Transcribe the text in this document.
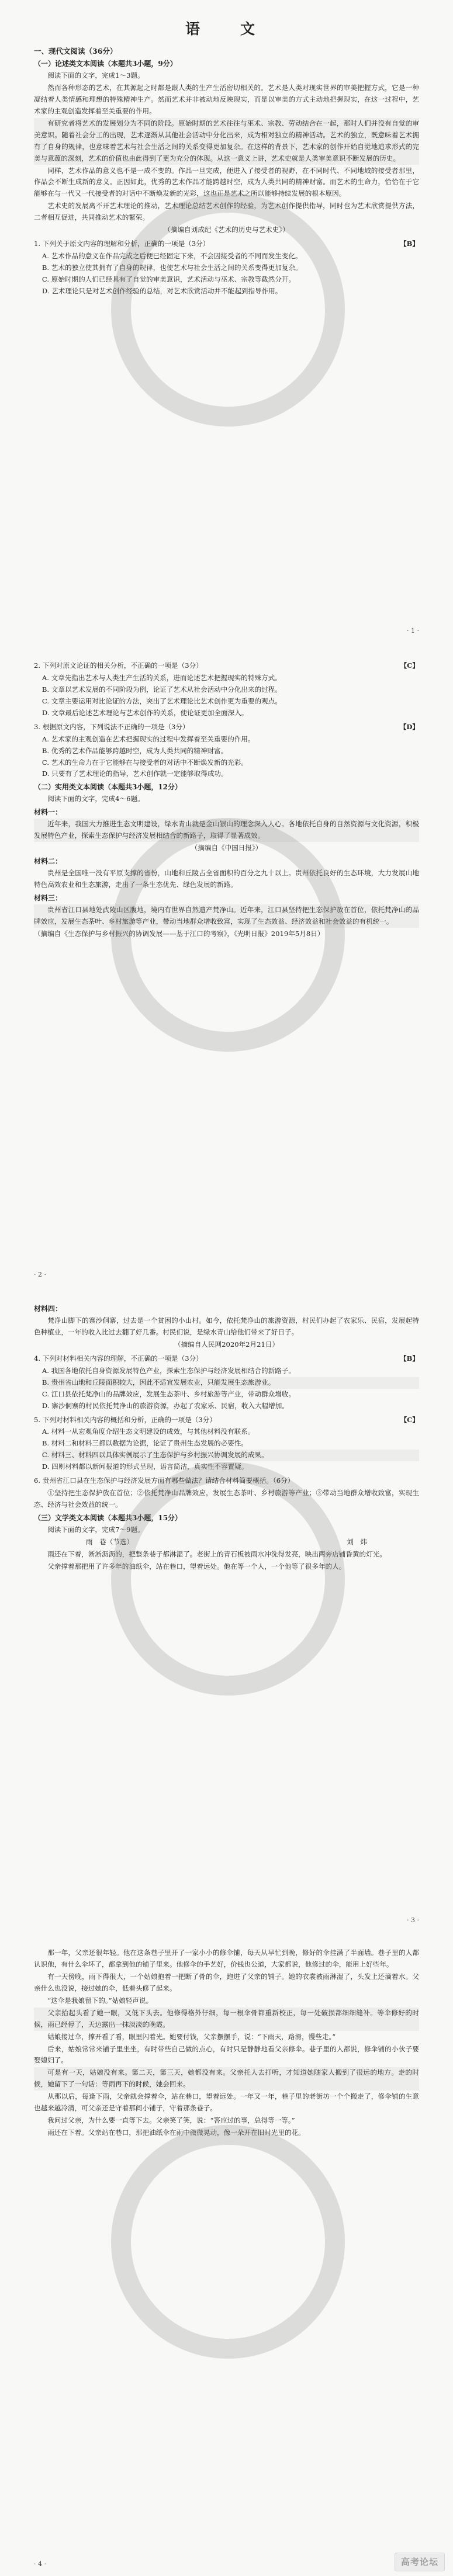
语　文
一、现代文阅读（36分）
（一）论述类文本阅读（本题共3小题，9分）
阅读下面的文字，完成1～3题。
然而各种形态的艺术，在其源起之时都是跟人类的生产生活密切相关的。艺术是人类对现实世界的审美把握方式，它是一种凝结着人类情感和理想的特殊精神生产。然而艺术并非被动地反映现实，而是以审美的方式主动地把握现实，在这一过程中，艺术家的主观创造发挥着至关重要的作用。
有研究者将艺术的发展划分为不同的阶段。原始时期的艺术往往与巫术、宗教、劳动结合在一起，那时人们并没有自觉的审美意识。随着社会分工的出现，艺术逐渐从其他社会活动中分化出来，成为相对独立的精神活动。艺术的独立，既意味着艺术拥有了自身的规律，也意味着艺术与社会生活之间的关系变得更加复杂。在这样的背景下，艺术家的创作开始自觉地追求形式的完美与意蕴的深刻，艺术的价值也由此得到了更为充分的体现。从这一意义上讲，艺术史就是人类审美意识不断发展的历史。
同样，艺术作品的意义也不是一成不变的。作品一旦完成，便进入了接受者的视野，在不同时代、不同地域的接受者那里，作品会不断生成新的意义。正因如此，优秀的艺术作品才能跨越时空，成为人类共同的精神财富。而艺术的生命力，恰恰在于它能够在与一代又一代接受者的对话中不断焕发新的光彩，这也正是艺术之所以能够持续发展的根本原因。
艺术史的发展离不开艺术理论的推动，艺术理论总结艺术创作的经验，为艺术创作提供指导，同时也为艺术欣赏提供方法，二者相互促进，共同推动艺术的繁荣。
（摘编自刘成纪《艺术的历史与艺术史》）
1. 下列关于原文内容的理解和分析，正确的一项是（3分）	【B】
A. 艺术作品的意义在作品完成之后便已经固定下来，不会因接受者的不同而发生变化。
B. 艺术的独立使其拥有了自身的规律，也使艺术与社会生活之间的关系变得更加复杂。
C. 原始时期的人们已经具有了自觉的审美意识，艺术活动与巫术、宗教等截然分开。
D. 艺术理论只是对艺术创作经验的总结，对艺术欣赏活动并不能起到指导作用。
· 1 ·
2. 下列对原文论证的相关分析，不正确的一项是（3分）	【C】
A. 文章先指出艺术与人类生产生活的关系，进而论述艺术把握现实的特殊方式。
B. 文章以艺术发展的不同阶段为例，论证了艺术从社会活动中分化出来的过程。
C. 文章主要运用对比论证的方法，突出了艺术理论比艺术创作更为重要的观点。
D. 文章最后论述艺术理论与艺术创作的关系，使论证更加全面深入。
3. 根据原文内容，下列说法不正确的一项是（3分）	【D】
A. 艺术家的主观创造在艺术把握现实的过程中发挥着至关重要的作用。
B. 优秀的艺术作品能够跨越时空，成为人类共同的精神财富。
C. 艺术的生命力在于它能够在与接受者的对话中不断焕发新的光彩。
D. 只要有了艺术理论的指导，艺术创作就一定能够取得成功。
（二）实用类文本阅读（本题共3小题，12分）
阅读下面的文字，完成4～6题。
材料一：
近年来，我国大力推进生态文明建设，绿水青山就是金山银山的理念深入人心。各地依托自身的自然资源与文化资源，积极发展特色产业，探索生态保护与经济发展相结合的新路子，取得了显著成效。
（摘编自《中国日报》）
材料二：
贵州是全国唯一没有平原支撑的省份，山地和丘陵占全省面积的百分之九十以上。贵州依托良好的生态环境，大力发展山地特色高效农业和生态旅游，走出了一条生态优先、绿色发展的新路。
材料三：
贵州省江口县地处武陵山区腹地，境内有世界自然遗产梵净山。近年来，江口县坚持把生态保护放在首位，依托梵净山的品牌效应，发展生态茶叶、乡村旅游等产业，带动当地群众增收致富，实现了生态效益、经济效益和社会效益的有机统一。
（摘编自《生态保护与乡村振兴的协调发展——基于江口的考察》，《光明日报》2019年5月8日）
· 2 ·
材料四：
梵净山脚下的寨沙侗寨，过去是一个贫困的小山村。如今，依托梵净山的旅游资源，村民们办起了农家乐、民宿，发展起特色种植业，一年的收入比过去翻了好几番。村民们说，是绿水青山给他们带来了好日子。
（摘编自人民网2020年2月21日）
4. 下列对材料相关内容的理解，不正确的一项是（3分）	【B】
A. 我国各地依托自身资源发展特色产业，探索生态保护与经济发展相结合的新路子。
B. 贵州省山地和丘陵面积较大，因此不适宜发展农业，只能发展生态旅游业。
C. 江口县依托梵净山的品牌效应，发展生态茶叶、乡村旅游等产业，带动群众增收。
D. 寨沙侗寨的村民依托梵净山的旅游资源，办起了农家乐、民宿，收入大幅增加。
5. 下列对材料相关内容的概括和分析，正确的一项是（3分）	【C】
A. 材料一从宏观角度介绍生态文明建设的成效，与其他材料没有联系。
B. 材料二和材料三都以数据为论据，论证了贵州生态发展的必要性。
C. 材料三、材料四以具体实例展示了生态保护与乡村振兴协调发展的成果。
D. 四则材料都以新闻报道的形式呈现，语言简洁，真实性不容置疑。
6. 贵州省江口县在生态保护与经济发展方面有哪些做法？请结合材料简要概括。（6分）
①坚持把生态保护放在首位；②依托梵净山品牌效应，发展生态茶叶、乡村旅游等产业；③带动当地群众增收致富，实现生态、经济与社会效益的统一。
（三）文学类文本阅读（本题共3小题，15分）
阅读下面的文字，完成7～9题。
雨　巷（节选）　　　　　　　　　　　　　　　　　　　　　　　　　　　　　　　　刘　炜
雨还在下着，淅淅沥沥的，把整条巷子都淋湿了。老街上的青石板被雨水冲洗得发亮，映出两旁店铺昏黄的灯光。
父亲撑着那把用了许多年的油纸伞，站在巷口，望着远处。他在等一个人，一个他等了很多年的人。
· 3 ·
那一年，父亲还很年轻。他在这条巷子里开了一家小小的修伞铺，每天从早忙到晚，修好的伞挂满了半面墙。巷子里的人都认识他，有什么伞坏了，都拿到他的铺子里来。他修伞的手艺好，价钱也公道，大家都说，他修过的伞，能用上好些年。
有一天傍晚，雨下得很大，一个姑娘抱着一把断了骨的伞，跑进了父亲的铺子。她的衣裳被雨淋湿了，头发上还滴着水。父亲什么也没说，接过她的伞，低着头修了起来。
“这伞是我娘留下的。”姑娘轻声说。
父亲抬起头看了她一眼，又低下头去。他修得格外仔细，每一根伞骨都重新校正，每一处破损都细细缝补。等伞修好的时候，雨已经停了，天边露出一抹淡淡的晚霞。
姑娘接过伞，撑开看了看，眼里闪着光。她要付钱，父亲摆摆手，说：“下雨天，路滑，慢些走。”
后来，姑娘常常来铺子里坐坐，有时带些自己做的点心，有时只是静静地看父亲修伞。巷子里的人都说，修伞铺的小伙子要娶媳妇了。
可是有一天，姑娘没有来。第二天，第三天，她都没有来。父亲托人去打听，才知道她随家人搬到了很远的地方。走的时候，她留下了一句话：等雨再下的时候，她会回来。
从那以后，每逢下雨，父亲就会撑着伞，站在巷口，望着远处。一年又一年，巷子里的老街坊一个个搬走了，修伞铺的生意也越来越冷清，可父亲还是守着那间小铺子，守着那条巷子。
我问过父亲，为什么要一直等下去。父亲笑了笑，说：“答应过的事，总得等一等。”
雨还在下着。父亲站在巷口，那把油纸伞在雨中微微晃动，像一朵开在旧时光里的花。
· 4 ·	高考论坛
